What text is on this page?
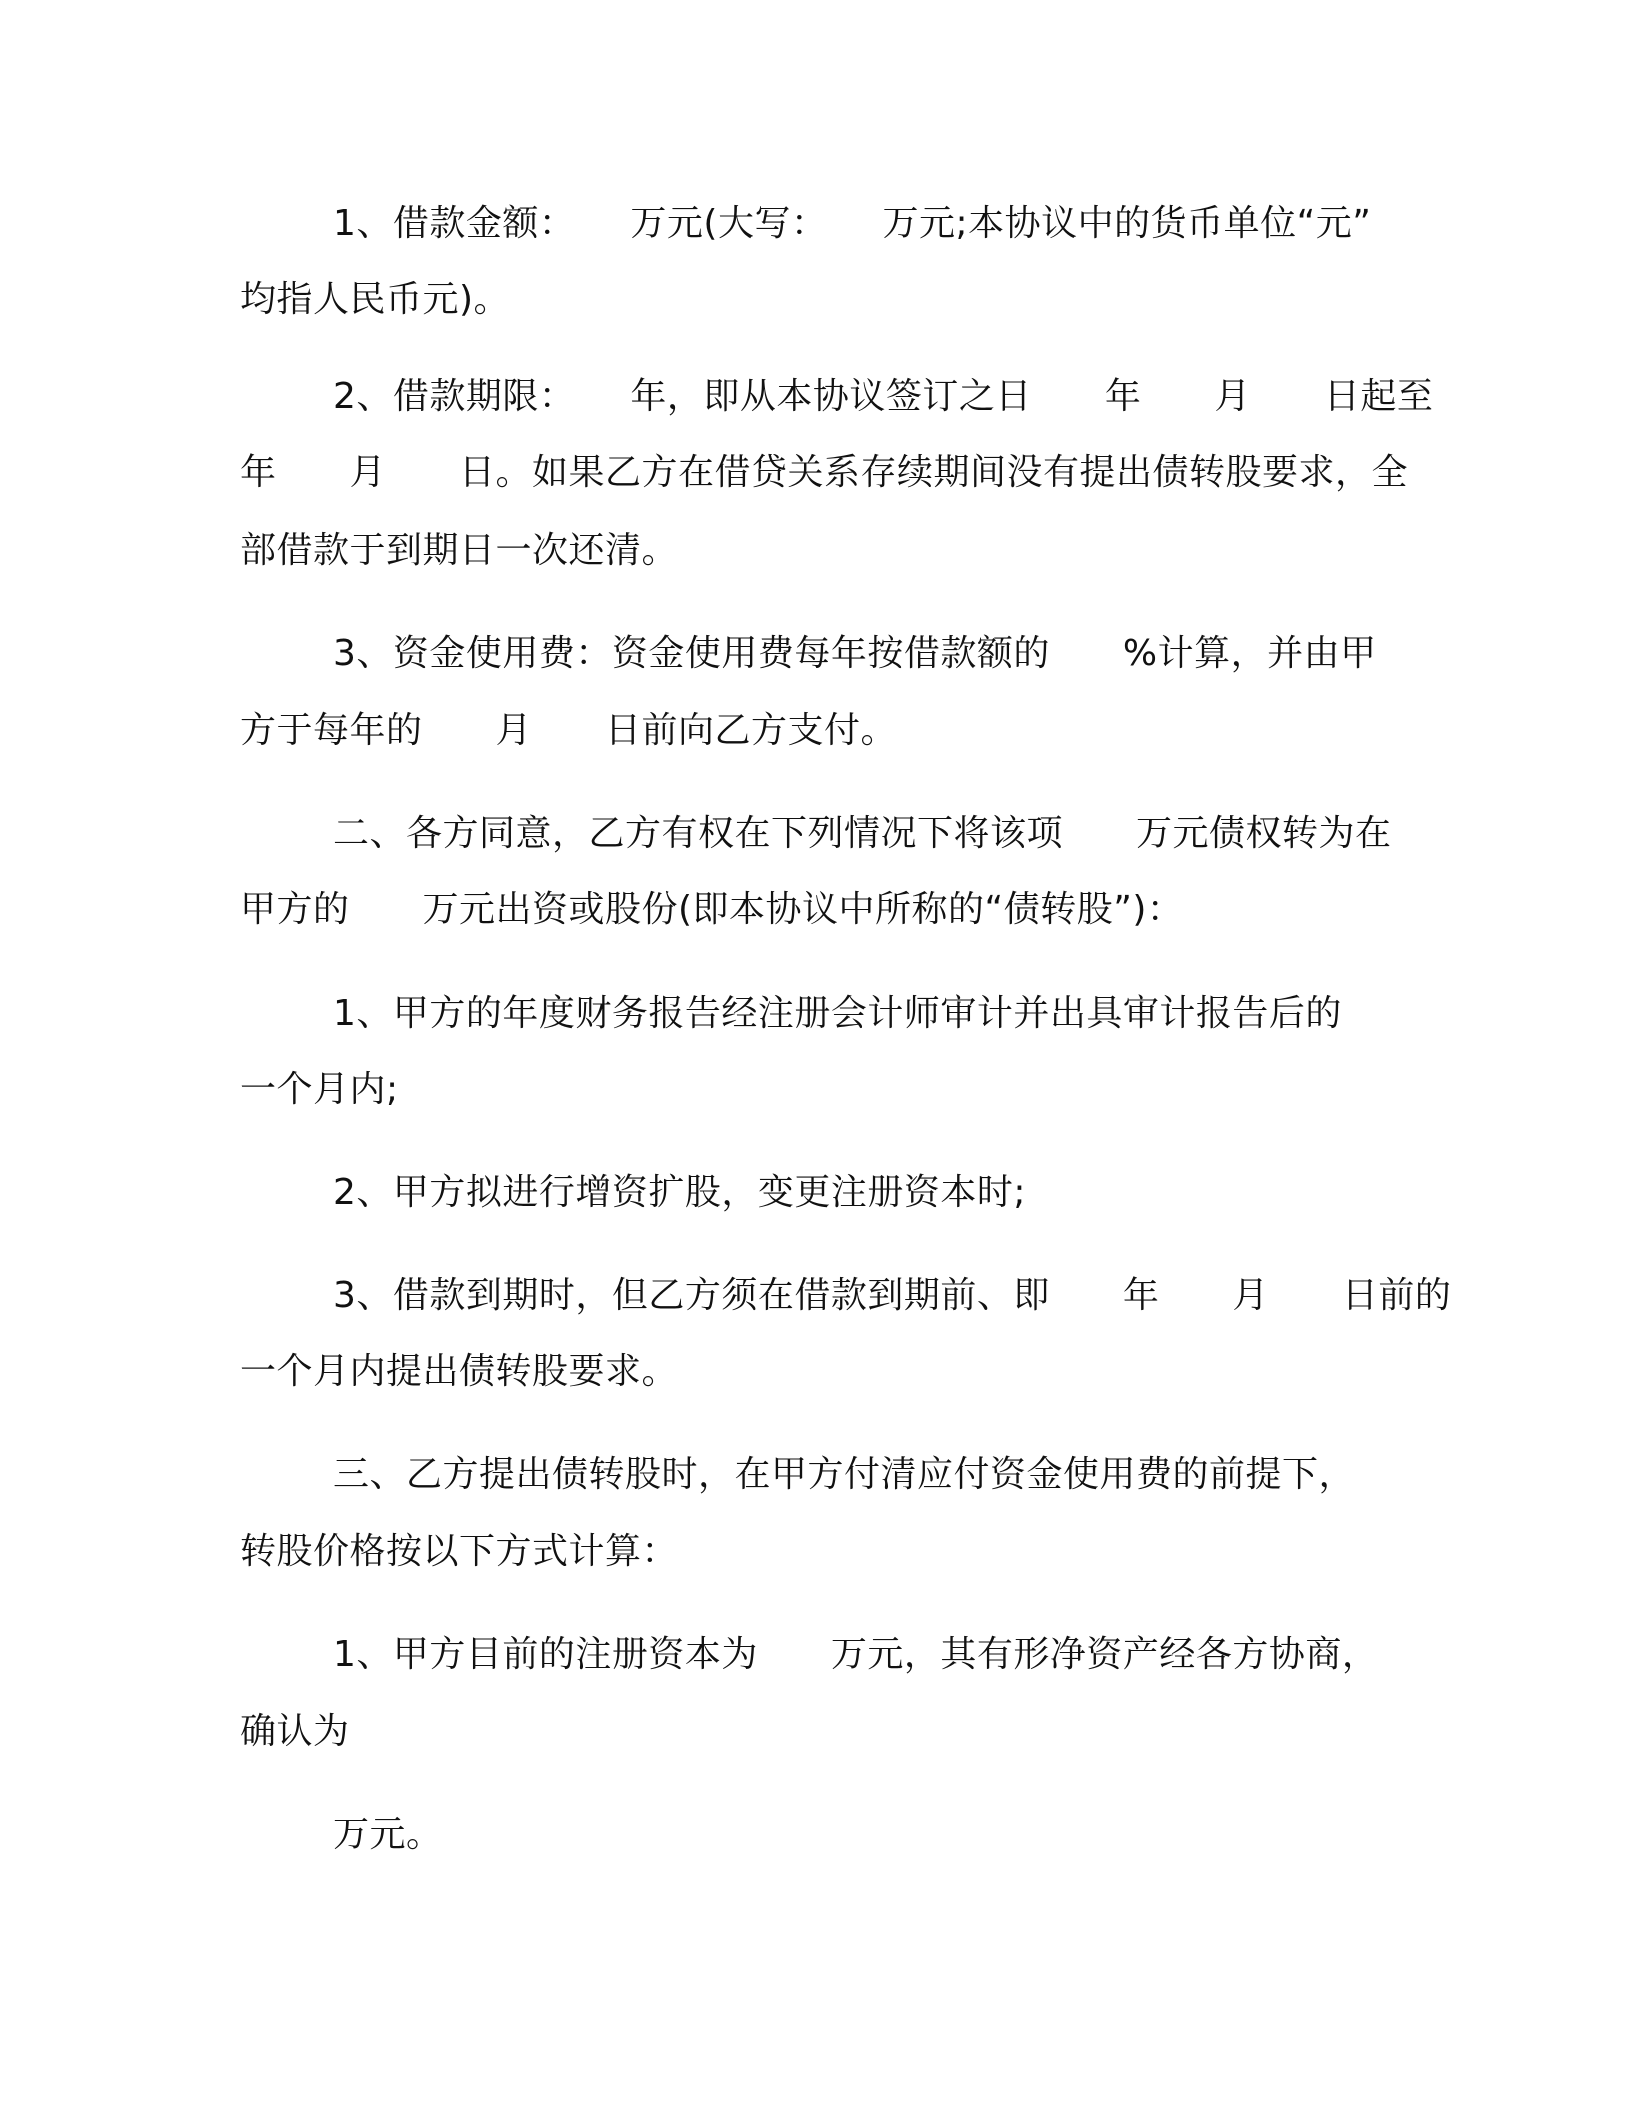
1、借款金额：　　万元(大写：　　万元;本协议中的货币单位“元”

均指人民币元)。

2、借款期限：　　年，即从本协议签订之日　　年　　月　　日起至

年　　月　　日。如果乙方在借贷关系存续期间没有提出债转股要求，全

部借款于到期日一次还清。

3、资金使用费：资金使用费每年按借款额的　　%计算，并由甲

方于每年的　　月　　日前向乙方支付。

二、各方同意，乙方有权在下列情况下将该项　　万元债权转为在

甲方的　　万元出资或股份(即本协议中所称的“债转股”)：

1、甲方的年度财务报告经注册会计师审计并出具审计报告后的

一个月内;

2、甲方拟进行增资扩股，变更注册资本时;

3、借款到期时，但乙方须在借款到期前、即　　年　　月　　日前的

一个月内提出债转股要求。

三、乙方提出债转股时，在甲方付清应付资金使用费的前提下，

转股价格按以下方式计算：

1、甲方目前的注册资本为　　万元，其有形净资产经各方协商，

确认为

万元。
